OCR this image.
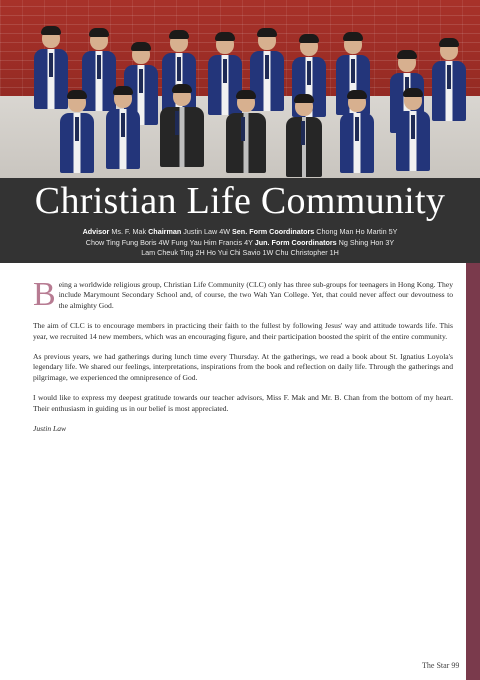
Christian Life Community
Advisor Ms. F. Mak Chairman Justin Law 4W Sen. Form Coordinators Chong Man Ho Martin 5Y
Chow Ting Fung Boris 4W Fung Yau Him Francis 4Y Jun. Form Coordinators Ng Shing Hon 3Y
Lam Cheuk Ting 2H Ho Yui Chi Savio 1W Chu Christopher 1H

Being a worldwide religious group, Christian Life Community (CLC) only has three sub-groups for teenagers in Hong Kong. They include Marymount Secondary School and, of course, the two Wah Yan College. Yet, that could never affect our devoutness to the almighty God.

The aim of CLC is to encourage members in practicing their faith to the fullest by following Jesus' way and attitude towards life. This year, we recruited 14 new members, which was an encouraging figure, and their participation boosted the spirit of the entire community.

As previous years, we had gatherings during lunch time every Thursday. At the gatherings, we read a book about St. Ignatius Loyola's legendary life. We shared our feelings, interpretations, inspirations from the book and reflection on daily life. Through the gatherings and pilgrimage, we experienced the omnipresence of God.

I would like to express my deepest gratitude towards our teacher advisors, Miss F. Mak and Mr. B. Chan from the bottom of my heart. Their enthusiasm in guiding us in our belief is most appreciated.

Justin Law

The Star 99
